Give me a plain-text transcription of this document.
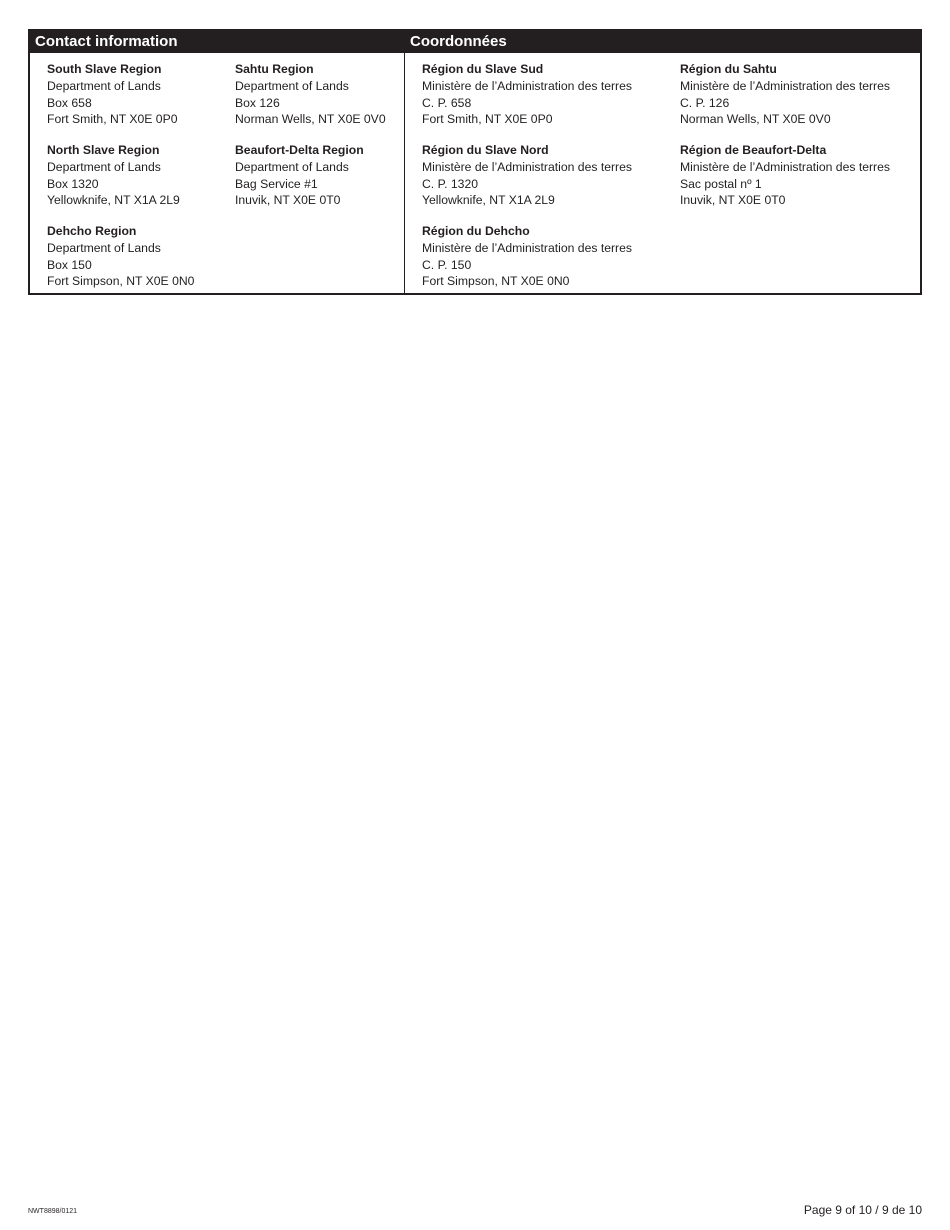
Contact information
South Slave Region
Department of Lands
Box 658
Fort Smith, NT X0E 0P0
Sahtu Region
Department of Lands
Box 126
Norman Wells, NT X0E 0V0
North Slave Region
Department of Lands
Box 1320
Yellowknife, NT X1A 2L9
Beaufort-Delta Region
Department of Lands
Bag Service #1
Inuvik, NT X0E 0T0
Dehcho Region
Department of Lands
Box 150
Fort Simpson, NT X0E 0N0
Coordonnées
Région du Slave Sud
Ministère de l’Administration des terres
C. P. 658
Fort Smith, NT X0E 0P0
Région du Sahtu
Ministère de l’Administration des terres
C. P. 126
Norman Wells, NT X0E 0V0
Région du Slave Nord
Ministère de l’Administration des terres
C. P. 1320
Yellowknife, NT X1A 2L9
Région de Beaufort-Delta
Ministère de l’Administration des terres
Sac postal nº 1
Inuvik, NT X0E 0T0
Région du Dehcho
Ministère de l’Administration des terres
C. P. 150
Fort Simpson, NT X0E 0N0
NWT8898/0121	Page 9 of 10 / 9 de 10
